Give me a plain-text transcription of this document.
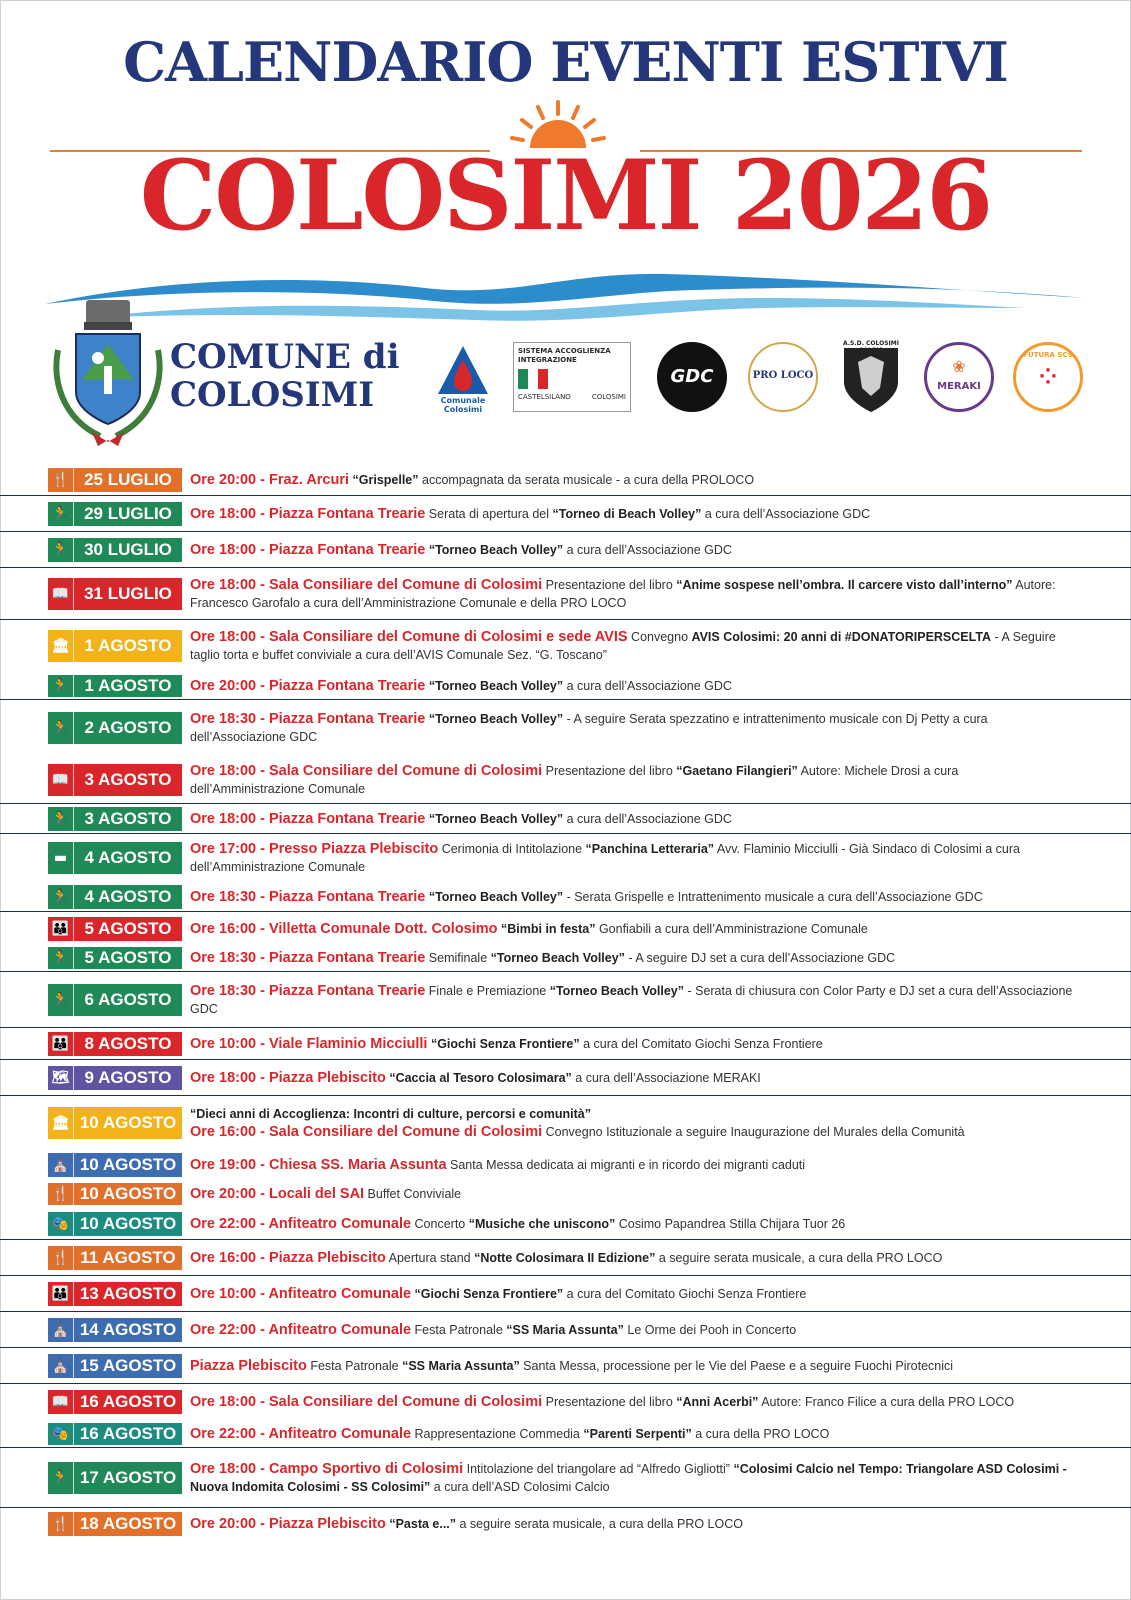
CALENDARIO EVENTI ESTIVI
COLOSIMI 2026
COMUNE di
COLOSIMI	Comunale Colosimi
SISTEMA ACCOGLIENZA INTEGRAZIONE
CASTELSILANO	COLOSIMI
GDC	PRO LOCO
A.S.D. COLOSIMI CALCIO
❀
MERAKI
FUTURA SCS
⁘
🍴 25 LUGLIO	Ore 20:00 - Fraz. Arcuri “Grispelle” accompagnata da serata musicale - a cura della PROLOCO
🏃 29 LUGLIO	Ore 18:00 - Piazza Fontana Trearie Serata di apertura del “Torneo di Beach Volley” a cura dell’Associazione GDC
🏃 30 LUGLIO	Ore 18:00 - Piazza Fontana Trearie “Torneo Beach Volley” a cura dell’Associazione GDC
📖 31 LUGLIO	Ore 18:00 - Sala Consiliare del Comune di Colosimi Presentazione del libro “Anime sospese nell’ombra. Il carcere visto dall’interno” Autore: Francesco Garofalo a cura dell’Amministrazione Comunale e della PRO LOCO
🏛 1 AGOSTO	Ore 18:00 - Sala Consiliare del Comune di Colosimi e sede AVIS Convegno AVIS Colosimi: 20 anni di #DONATORIPERSCELTA - A Seguire taglio torta e buffet conviviale a cura dell’AVIS Comunale Sez. “G. Toscano”
🏃 1 AGOSTO	Ore 20:00 - Piazza Fontana Trearie “Torneo Beach Volley” a cura dell’Associazione GDC
🏃 2 AGOSTO	Ore 18:30 - Piazza Fontana Trearie “Torneo Beach Volley” - A seguire Serata spezzatino e intrattenimento musicale con Dj Petty a cura dell’Associazione GDC
📖 3 AGOSTO	Ore 18:00 - Sala Consiliare del Comune di Colosimi Presentazione del libro “Gaetano Filangieri” Autore: Michele Drosi a cura dell’Amministrazione Comunale
🏃 3 AGOSTO	Ore 18:00 - Piazza Fontana Trearie “Torneo Beach Volley” a cura dell’Associazione GDC
▬	4 AGOSTO	Ore 17:00 - Presso Piazza Plebiscito Cerimonia di Intitolazione “Panchina Letteraria” Avv. Flaminio Micciulli - Già Sindaco di Colosimi a cura dell’Amministrazione Comunale
🏃 4 AGOSTO	Ore 18:30 - Piazza Fontana Trearie “Torneo Beach Volley” - Serata Grispelle e Intrattenimento musicale a cura dell’Associazione GDC
👪 5 AGOSTO	Ore 16:00 - Villetta Comunale Dott. Colosimo “Bimbi in festa” Gonfiabili a cura dell’Amministrazione Comunale
🏃 5 AGOSTO	Ore 18:30 - Piazza Fontana Trearie Semifinale “Torneo Beach Volley” - A seguire DJ set a cura dell’Associazione GDC
🏃 6 AGOSTO	Ore 18:30 - Piazza Fontana Trearie Finale e Premiazione “Torneo Beach Volley” - Serata di chiusura con Color Party e DJ set a cura dell’Associazione GDC
👪 8 AGOSTO	Ore 10:00 - Viale Flaminio Micciulli “Giochi Senza Frontiere” a cura del Comitato Giochi Senza Frontiere
🗺 9 AGOSTO	Ore 18:00 - Piazza Plebiscito “Caccia al Tesoro Colosimara” a cura dell’Associazione MERAKI
🏛 10 AGOSTO	“Dieci anni di Accoglienza: Incontri di culture, percorsi e comunità”
Ore 16:00 - Sala Consiliare del Comune di Colosimi Convegno Istituzionale a seguire Inaugurazione del Murales della Comunità
⛪ 10 AGOSTO Ore 19:00 - Chiesa SS. Maria Assunta Santa Messa dedicata ai migranti e in ricordo dei migranti caduti
🍴 10 AGOSTO Ore 20:00 - Locali del SAI Buffet Conviviale
🎭 10 AGOSTO Ore 22:00 - Anfiteatro Comunale Concerto “Musiche che uniscono” Cosimo Papandrea Stilla Chijara Tuor 26
🍴 11 AGOSTO Ore 16:00 - Piazza Plebiscito Apertura stand “Notte Colosimara II Edizione” a seguire serata musicale, a cura della PRO LOCO
👪 13 AGOSTO Ore 10:00 - Anfiteatro Comunale “Giochi Senza Frontiere” a cura del Comitato Giochi Senza Frontiere
⛪ 14 AGOSTO Ore 22:00 - Anfiteatro Comunale Festa Patronale “SS Maria Assunta” Le Orme dei Pooh in Concerto
⛪ 15 AGOSTO Piazza Plebiscito Festa Patronale “SS Maria Assunta” Santa Messa, processione per le Vie del Paese e a seguire Fuochi Pirotecnici
📖 16 AGOSTO Ore 18:00 - Sala Consiliare del Comune di Colosimi Presentazione del libro “Anni Acerbi” Autore: Franco Filice a cura della PRO LOCO
🎭 16 AGOSTO Ore 22:00 - Anfiteatro Comunale Rappresentazione Commedia “Parenti Serpenti” a cura della PRO LOCO
🏃 17 AGOSTO Ore 18:00 - Campo Sportivo di Colosimi Intitolazione del triangolare ad “Alfredo Gigliotti” “Colosimi Calcio nel Tempo: Triangolare ASD Colosimi - Nuova Indomita Colosimi - SS Colosimi” a cura dell’ASD Colosimi Calcio
🍴 18 AGOSTO Ore 20:00 - Piazza Plebiscito “Pasta e...” a seguire serata musicale, a cura della PRO LOCO
